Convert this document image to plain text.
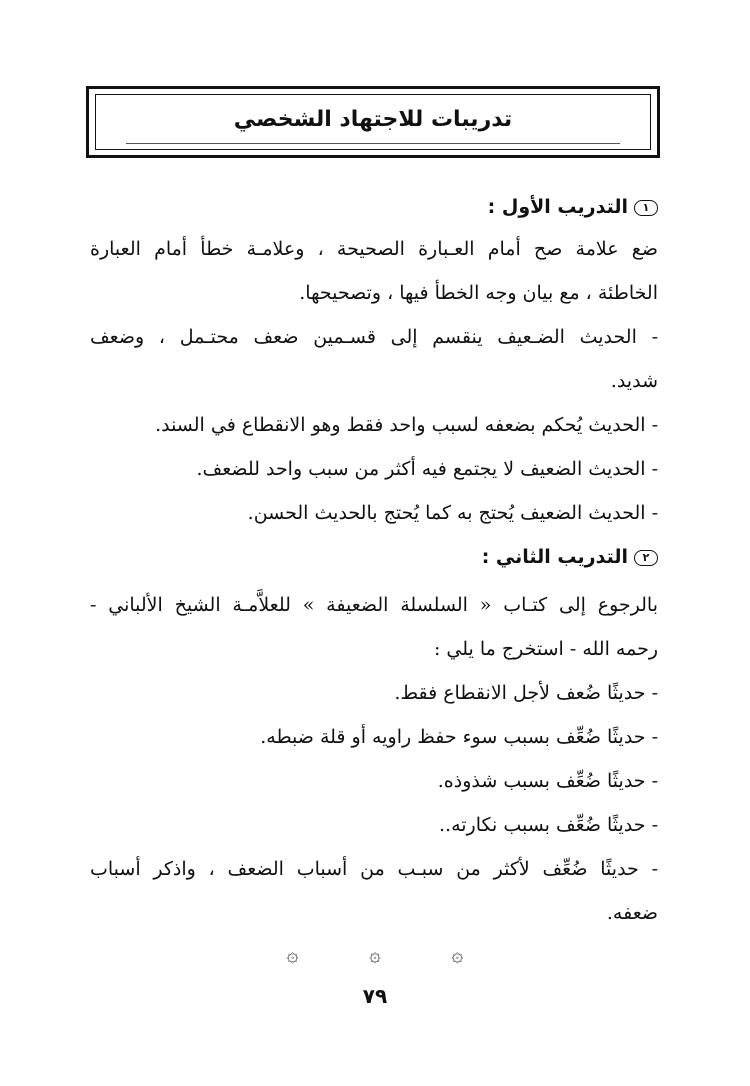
تدريبات للاجتهاد الشخصي
١التدريب الأول :
ضع علامة صح أمام العـبارة الصحيحة ، وعلامـة خطأ أمام العبارة
الخاطئة ، مع بيان وجه الخطأ فيها ، وتصحيحها.
- الحديث الضـعيف ينقسم إلى قسـمين ضعف محتـمل ، وضعف
شديد.
- الحديث يُحكم بضعفه لسبب واحد فقط وهو الانقطاع في السند.
- الحديث الضعيف لا يجتمع فيه أكثر من سبب واحد للضعف.
- الحديث الضعيف يُحتج به كما يُحتج بالحديث الحسن.
٢التدريب الثاني :
بالرجوع إلى كتـاب « السلسلة الضعيفة » للعلاَّمـة الشيخ الألباني -
رحمه الله - استخرج ما يلي :
- حديثًا ضُعف لأجل الانقطاع فقط.
- حديثًا ضُعِّف بسبب سوء حفظ راويه أو قلة ضبطه.
- حديثًا ضُعِّف بسبب شذوذه.
- حديثًا ضُعِّف بسبب نكارته..
- حديثًا ضُعِّف لأكثر من سبـب من أسباب الضعف ، واذكر أسباب
ضعفه.
۞	۞	۞
٧٩
